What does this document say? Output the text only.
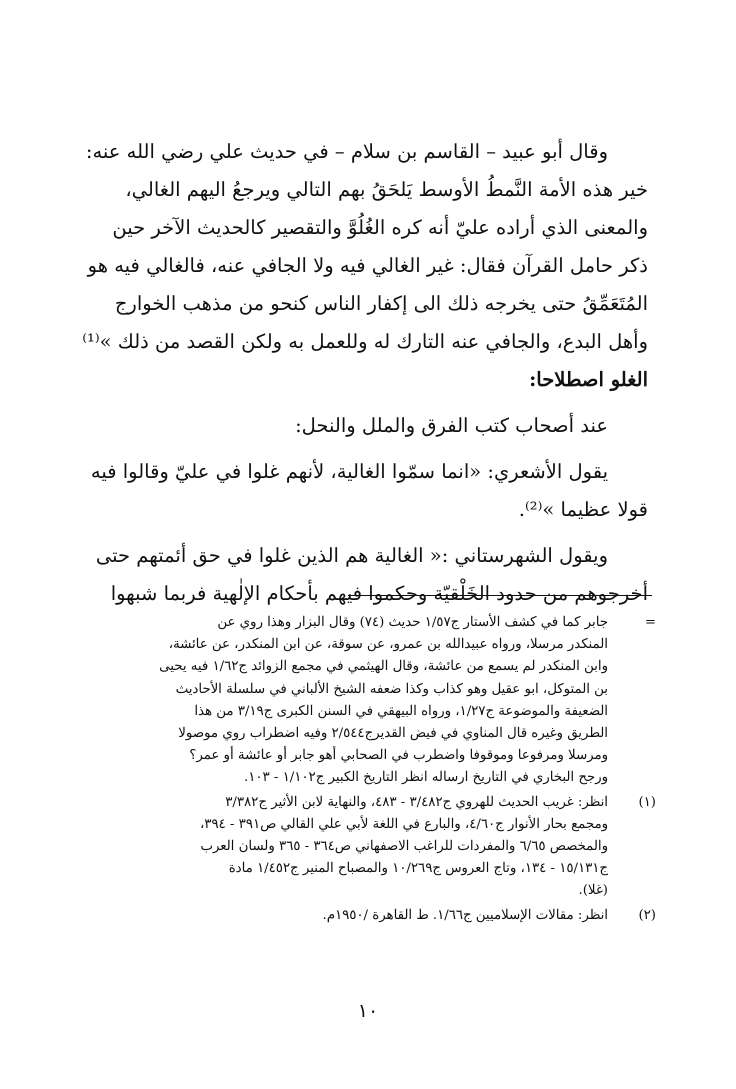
وقال أبو عبيد – القاسم بن سلام – في حديث علي رضي الله عنه:

خير هذه الأمة النَّمطُ الأوسط يَلحَقُ بهم التالي ويرجعُ اليهم الغالي،

والمعنى الذي أراده عليّ أنه كره الغُلُوَّ والتقصير كالحديث الآخر حين

ذكر حامل القرآن فقال: غير الغالي فيه ولا الجافي عنه، فالغالي فيه هو

المُتَعَمِّقُ حتى يخرجه ذلك الى إكفار الناس كنحو من مذهب الخوارج

وأهل البدع، والجافي عنه التارك له وللعمل به ولكن القصد من ذلك »⁽¹⁾

الغلو اصطلاحا:

عند أصحاب كتب الفرق والملل والنحل:

يقول الأشعري: «انما سمّوا الغالية، لأنهم غلوا في عليّ وقالوا فيه

قولا عظيما »⁽²⁾.

ويقول الشهرستاني :« الغالية هم الذين غلوا في حق أئمتهم حتى

أخرجوهم من حدود الخَلْقيّة وحكموا فيهم بأحكام الإلٰهية فربما شبهوا

=
جابر كما في كشف الأستار ج١/٥٧ حديث (٧٤) وقال البزار وهذا روي عن
المنكدر مرسلا، ورواه عبيدالله بن عمرو، عن سوقة، عن ابن المنكدر، عن عائشة،
وابن المنكدر لم يسمع من عائشة، وقال الهيثمي في مجمع الزوائد ج١/٦٢ فيه يحيى
بن المتوكل، ابو عقيل وهو كذاب وكذا ضعفه الشيخ الألباني في سلسلة الأحاديث
الضعيفة والموضوعة ج١/٢٧، ورواه البيهقي في السنن الكبرى ج٣/١٩ من هذا
الطريق وغيره قال المناوي في فيض القديرج٢/٥٤٤ وفيه اضطراب روي موصولا
ومرسلا ومرفوعا وموقوفا واضطرب في الصحابي أهو جابر أو عائشة أو عمر؟
ورجح البخاري في التاريخ ارساله انظر التاريخ الكبير ج١/١٠٢ - ١٠٣.
(١)
انظر: غريب الحديث للهروي ج٣/٤٨٢ - ٤٨٣، والنهاية لابن الأثير ج٣/٣٨٢
ومجمع بحار الأنوار ج٤/٦٠، والبارع في اللغة لأبي علي القالي ص٣٩١ - ٣٩٤،
والمخصص ٦/٦٥ والمفردات للراغب الاصفهاني ص٣٦٤ - ٣٦٥ ولسان العرب
ج١٥/١٣١ - ١٣٤، وتاج العروس ج١٠/٢٦٩ والمصباح المنير ج١/٤٥٢ مادة
(غلا).
(٢)
انظر: مقالات الإسلاميين ج١/٦٦. ط القاهرة /١٩٥٠م.
١٠
